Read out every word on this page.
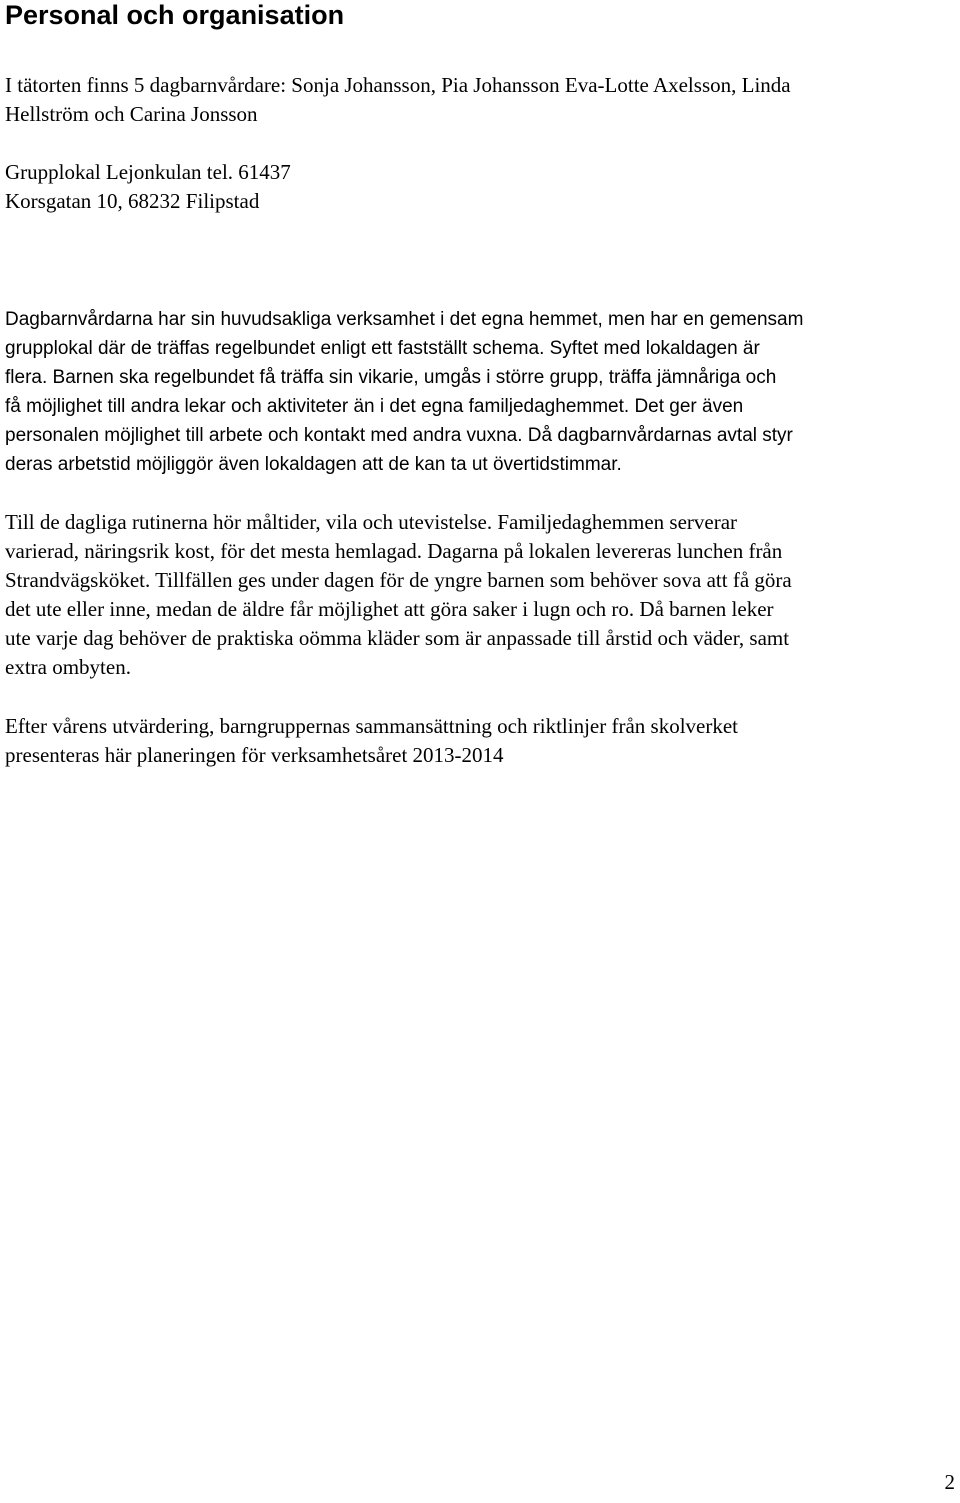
Personal och organisation
I tätorten finns 5 dagbarnvårdare: Sonja Johansson, Pia Johansson Eva-Lotte Axelsson, Linda
Hellström och Carina Jonsson
Grupplokal Lejonkulan tel. 61437
Korsgatan 10, 68232 Filipstad
Dagbarnvårdarna har sin huvudsakliga verksamhet i det egna hemmet, men har en gemensam
grupplokal där de träffas regelbundet enligt ett fastställt schema. Syftet med lokaldagen är
flera. Barnen ska regelbundet få träffa sin vikarie, umgås i större grupp, träffa jämnåriga och
få möjlighet till andra lekar och aktiviteter än i det egna familjedaghemmet. Det ger även
personalen möjlighet till arbete och kontakt med andra vuxna. Då dagbarnvårdarnas avtal styr
deras arbetstid möjliggör även lokaldagen att de kan ta ut övertidstimmar.
Till de dagliga rutinerna hör måltider, vila och utevistelse. Familjedaghemmen serverar
varierad, näringsrik kost, för det mesta hemlagad. Dagarna på lokalen levereras lunchen från
Strandvägsköket. Tillfällen ges under dagen för de yngre barnen som behöver sova att få göra
det ute eller inne, medan de äldre får möjlighet att göra saker i lugn och ro. Då barnen leker
ute varje dag behöver de praktiska oömma kläder som är anpassade till årstid och väder, samt
extra ombyten.
Efter vårens utvärdering, barngruppernas sammansättning och riktlinjer från skolverket
presenteras här planeringen för verksamhetsåret 2013-2014
2
